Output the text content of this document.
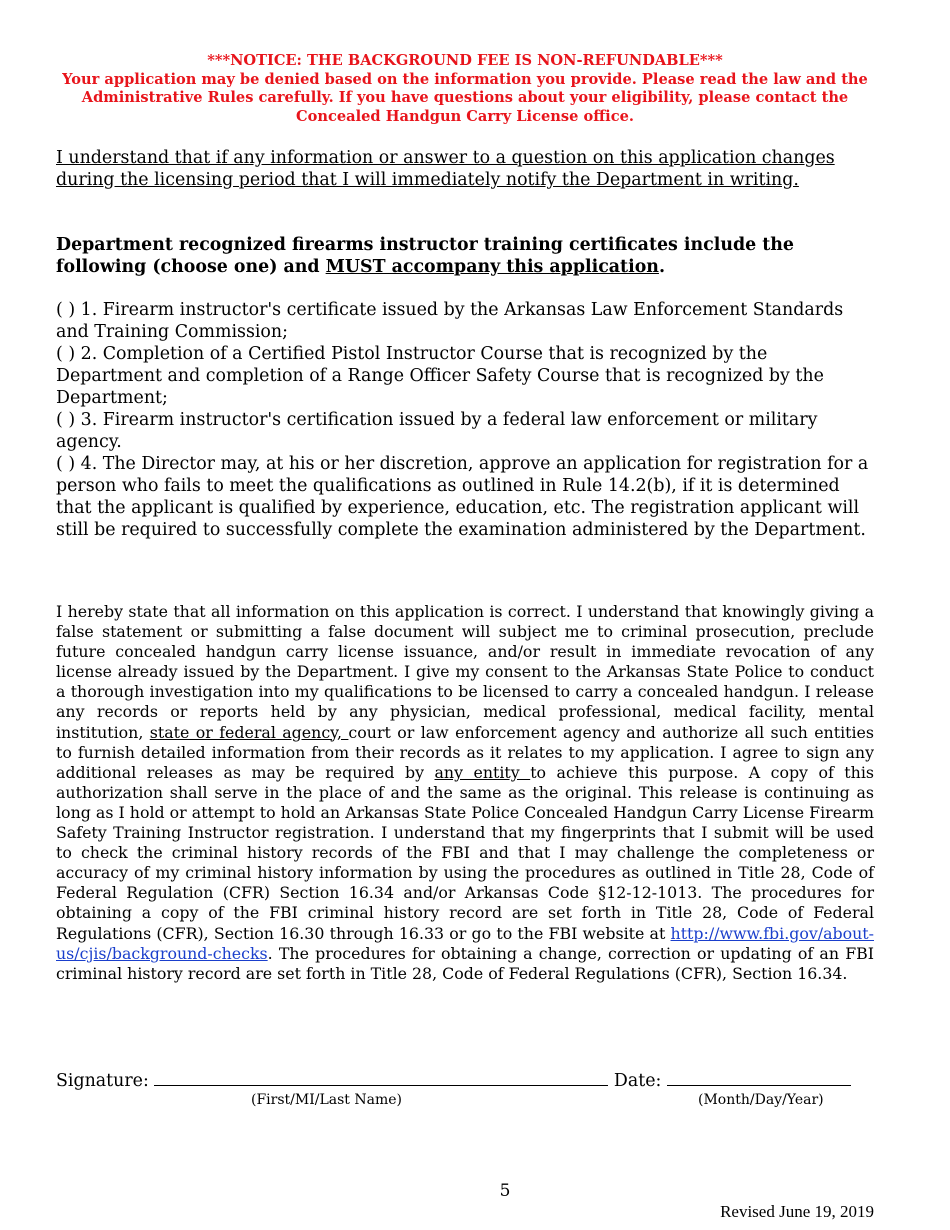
***NOTICE: THE BACKGROUND FEE IS NON-REFUNDABLE***
Your application may be denied based on the information you provide. Please read the law and the Administrative Rules carefully. If you have questions about your eligibility, please contact the Concealed Handgun Carry License office.
I understand that if any information or answer to a question on this application changes during the licensing period that I will immediately notify the Department in writing.
Department recognized firearms instructor training certificates include the following (choose one) and MUST accompany this application.

( ) 1. Firearm instructor's certificate issued by the Arkansas Law Enforcement Standards and Training Commission;

( ) 2. Completion of a Certified Pistol Instructor Course that is recognized by the Department and completion of a Range Officer Safety Course that is recognized by the Department;

( ) 3. Firearm instructor's certification issued by a federal law enforcement or military agency.

( ) 4. The Director may, at his or her discretion, approve an application for registration for a person who fails to meet the qualifications as outlined in Rule 14.2(b), if it is determined that the applicant is qualified by experience, education, etc. The registration applicant will still be required to successfully complete the examination administered by the Department.

I hereby state that all information on this application is correct. I understand that knowingly giving a false statement or submitting a false document will subject me to criminal prosecution, preclude future concealed handgun carry license issuance, and/or result in immediate revocation of any license already issued by the Department. I give my consent to the Arkansas State Police to conduct a thorough investigation into my qualifications to be licensed to carry a concealed handgun. I release any records or reports held by any physician, medical professional, medical facility, mental institution, state or federal agency, court or law enforcement agency and authorize all such entities to furnish detailed information from their records as it relates to my application. I agree to sign any additional releases as may be required by any entity to achieve this purpose. A copy of this authorization shall serve in the place of and the same as the original. This release is continuing as long as I hold or attempt to hold an Arkansas State Police Concealed Handgun Carry License Firearm Safety Training Instructor registration. I understand that my fingerprints that I submit will be used to check the criminal history records of the FBI and that I may challenge the completeness or accuracy of my criminal history information by using the procedures as outlined in Title 28, Code of Federal Regulation (CFR) Section 16.34 and/or Arkansas Code §12-12-1013. The procedures for obtaining a copy of the FBI criminal history record are set forth in Title 28, Code of Federal Regulations (CFR), Section 16.30 through 16.33 or go to the FBI website at http://www.fbi.gov/about-us/cjis/background-checks. The procedures for obtaining a change, correction or updating of an FBI criminal history record are set forth in Title 28, Code of Federal Regulations (CFR), Section 16.34.

Signature:	Date:
(First/MI/Last Name)	(Month/Day/Year)
5
Revised June 19, 2019
